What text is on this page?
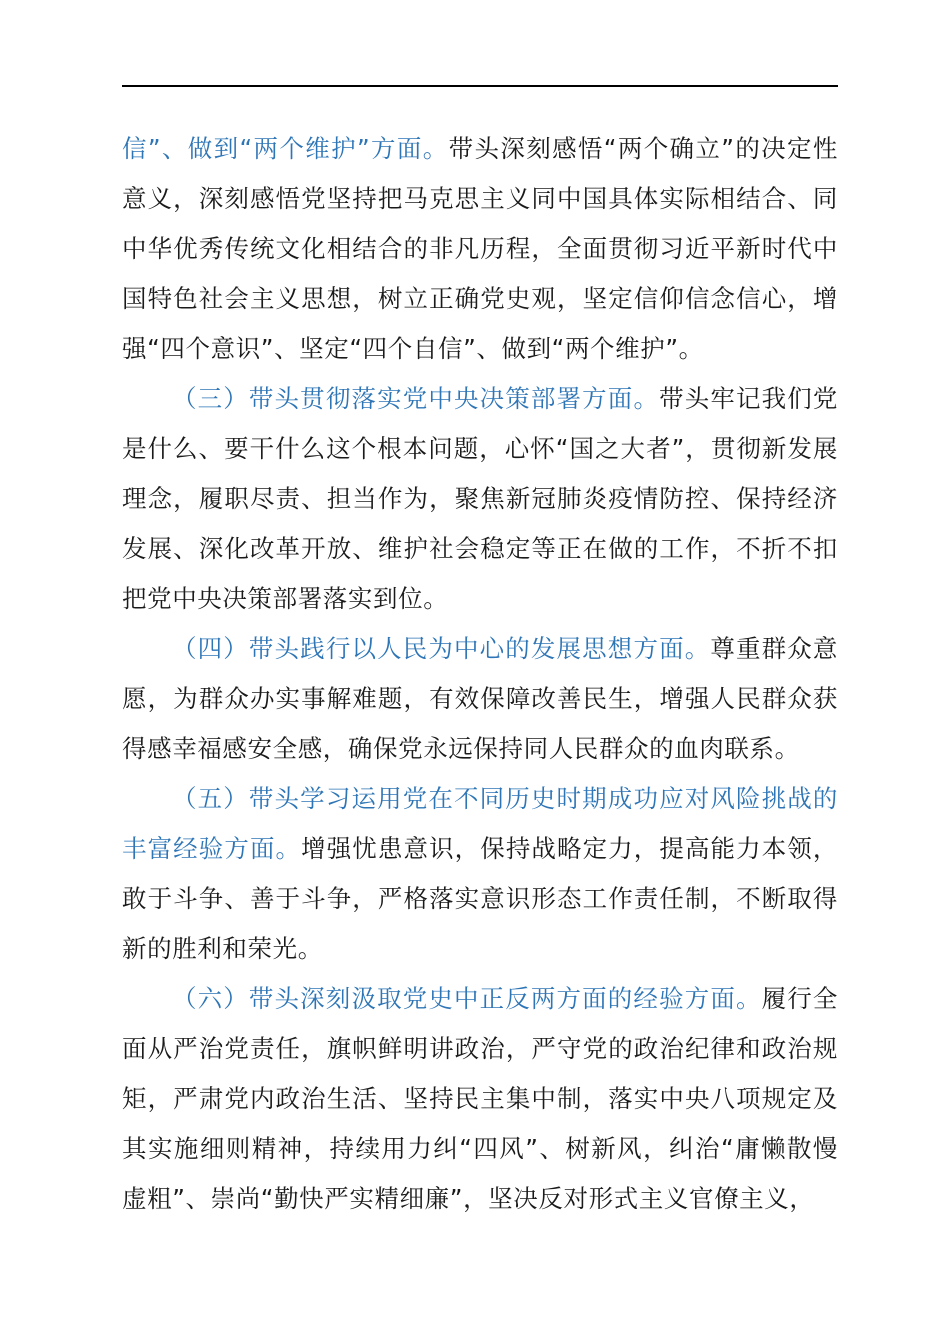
信”、做到“两个维护”方面。带头深刻感悟“两个确立”的决定性意义，深刻感悟党坚持把马克思主义同中国具体实际相结合、同中华优秀传统文化相结合的非凡历程，全面贯彻习近平新时代中国特色社会主义思想，树立正确党史观，坚定信仰信念信心，增强“四个意识”、坚定“四个自信”、做到“两个维护”。

（三）带头贯彻落实党中央决策部署方面。带头牢记我们党是什么、要干什么这个根本问题，心怀“国之大者”，贯彻新发展理念，履职尽责、担当作为，聚焦新冠肺炎疫情防控、保持经济发展、深化改革开放、维护社会稳定等正在做的工作，不折不扣把党中央决策部署落实到位。

（四）带头践行以人民为中心的发展思想方面。尊重群众意愿，为群众办实事解难题，有效保障改善民生，增强人民群众获得感幸福感安全感，确保党永远保持同人民群众的血肉联系。

（五）带头学习运用党在不同历史时期成功应对风险挑战的丰富经验方面。增强忧患意识，保持战略定力，提高能力本领，敢于斗争、善于斗争，严格落实意识形态工作责任制，不断取得新的胜利和荣光。

（六）带头深刻汲取党史中正反两方面的经验方面。履行全面从严治党责任，旗帜鲜明讲政治，严守党的政治纪律和政治规矩，严肃党内政治生活、坚持民主集中制，落实中央八项规定及其实施细则精神，持续用力纠“四风”、树新风，纠治“庸懒散慢虚粗”、崇尚“勤快严实精细廉”，坚决反对形式主义官僚主义，
